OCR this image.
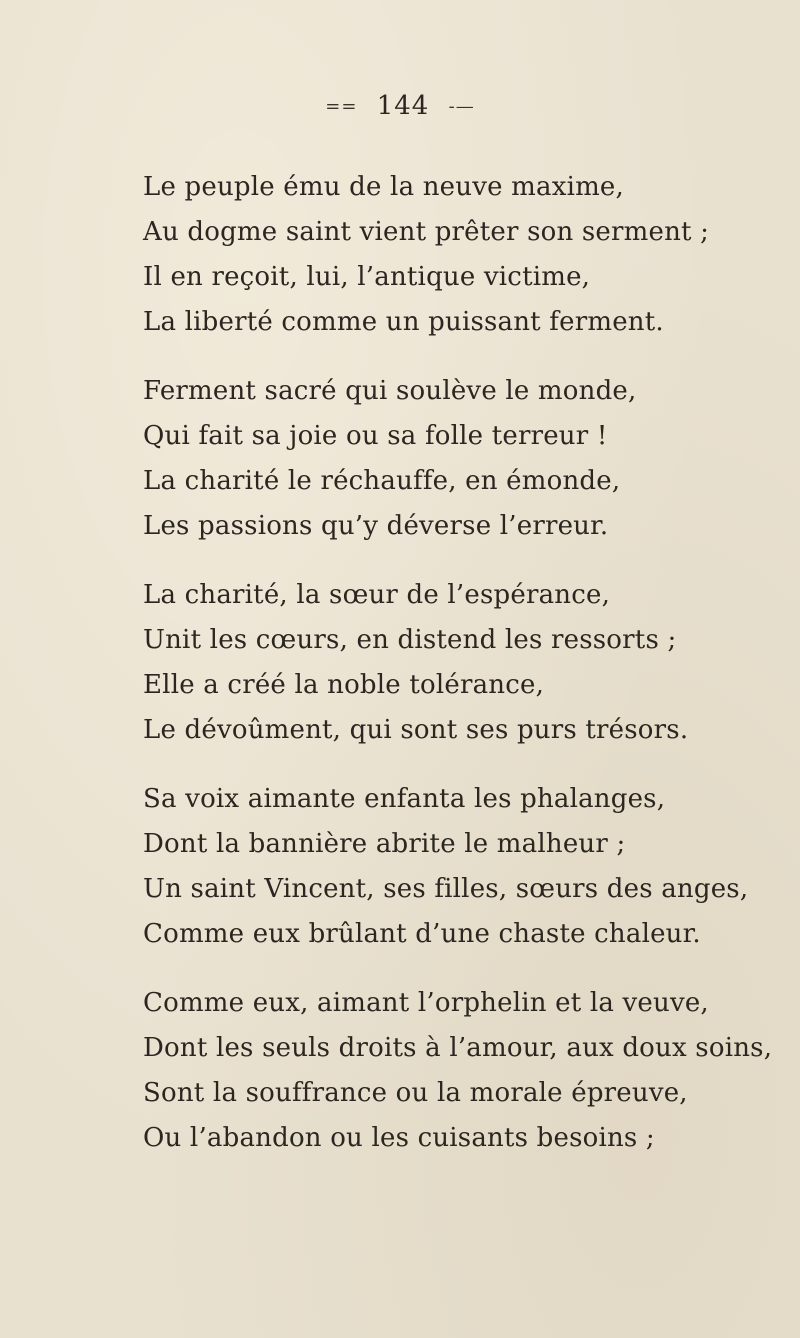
== 144 -—
Le peuple ému de la neuve maxime,
Au dogme saint vient prêter son serment ;
Il en reçoit, lui, l’antique victime,
La liberté comme un puissant ferment.
Ferment sacré qui soulève le monde,
Qui fait sa joie ou sa folle terreur !
La charité le réchauffe, en émonde,
Les passions qu’y déverse l’erreur.
La charité, la sœur de l’espérance,
Unit les cœurs, en distend les ressorts ;
Elle a créé la noble tolérance,
Le dévoûment, qui sont ses purs trésors.
Sa voix aimante enfanta les phalanges,
Dont la bannière abrite le malheur ;
Un saint Vincent, ses filles, sœurs des anges,
Comme eux brûlant d’une chaste chaleur.
Comme eux, aimant l’orphelin et la veuve,
Dont les seuls droits à l’amour, aux doux soins,
Sont la souffrance ou la morale épreuve,
Ou l’abandon ou les cuisants besoins ;
